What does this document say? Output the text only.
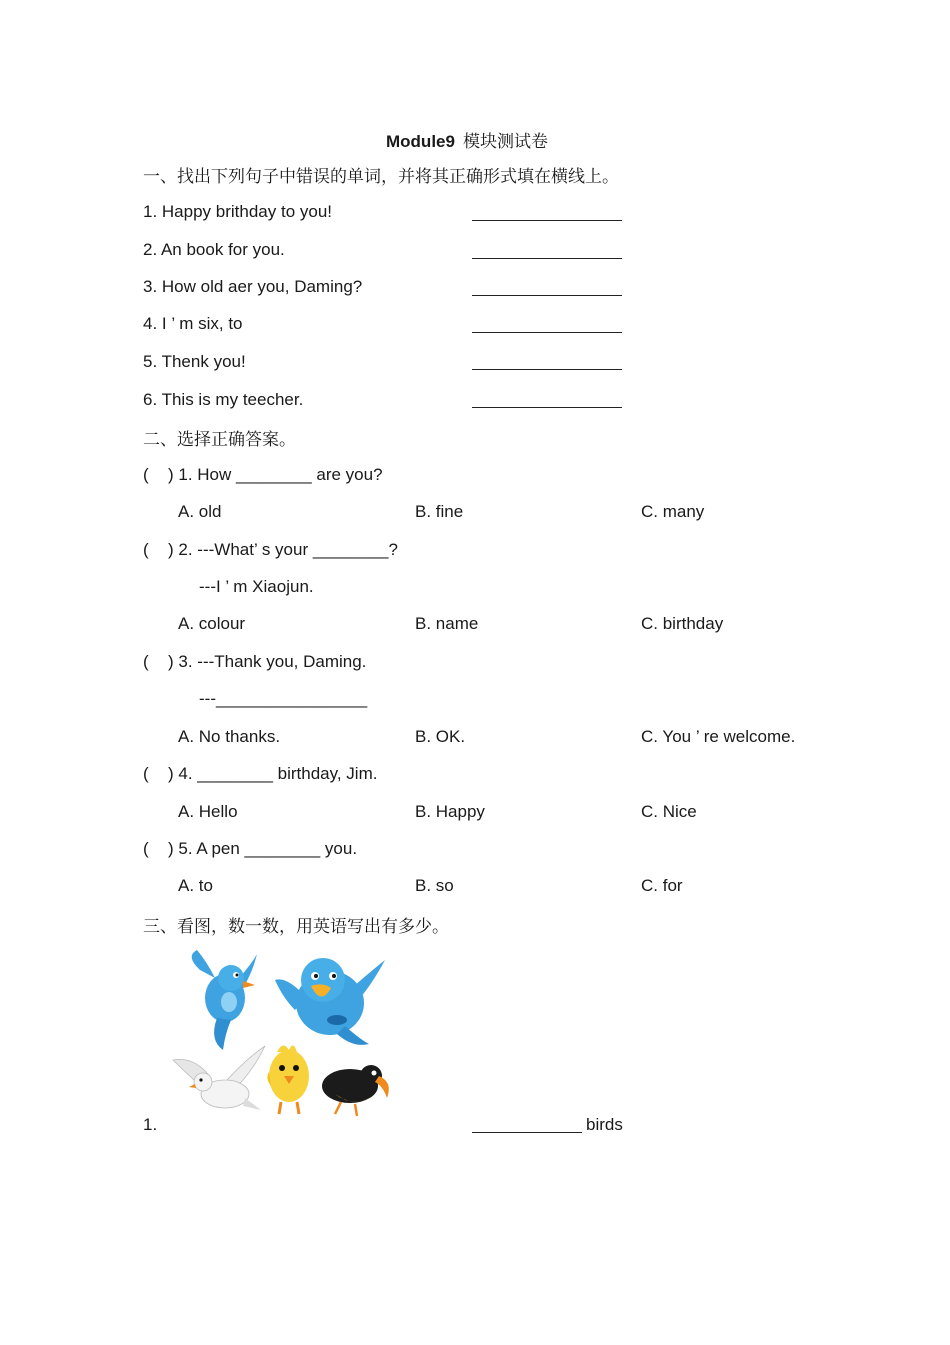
Module9 模块测试卷
一、找出下列句子中错误的单词，并将其正确形式填在横线上。
1. Happy brithday to you!
2. An book for you.
3. How old aer you, Daming?
4. I ’ m six, to
5. Thenk you!
6. This is my teecher.
二、选择正确答案。
( ) 1. How ________ are you?
A. old	B. fine	C. many
( ) 2. ---What’ s your ________?
---I ’ m Xiaojun.
A. colour	B. name	C. birthday
( ) 3. ---Thank you, Daming.
---________________
A. No thanks.	B. OK.	C. You ’ re welcome.
( ) 4. ________ birthday, Jim.
A. Hello	B. Happy	C. Nice
( ) 5. A pen ________ you.
A. to	B. so	C. for
三、看图，数一数，用英语写出有多少。
1.	birds
